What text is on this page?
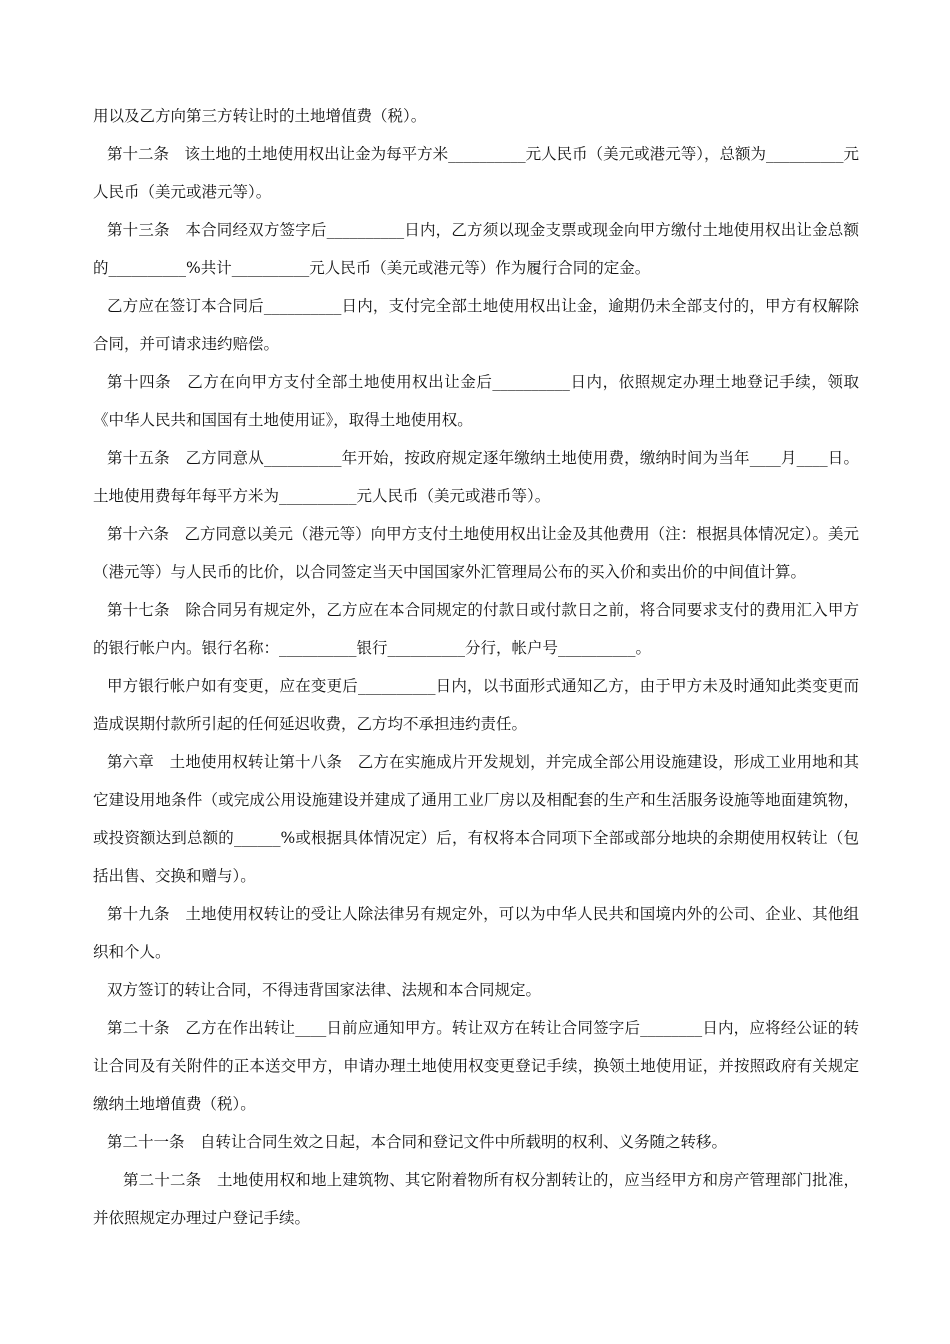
用以及乙方向第三方转让时的土地增值费（税）。

第十二条　该土地的土地使用权出让金为每平方米__________元人民币（美元或港元等），总额为__________元人民币（美元或港元等）。

第十三条　本合同经双方签字后__________日内，乙方须以现金支票或现金向甲方缴付土地使用权出让金总额的__________%共计__________元人民币（美元或港元等）作为履行合同的定金。

乙方应在签订本合同后__________日内，支付完全部土地使用权出让金，逾期仍未全部支付的，甲方有权解除合同，并可请求违约赔偿。

第十四条　乙方在向甲方支付全部土地使用权出让金后__________日内，依照规定办理土地登记手续，领取《中华人民共和国国有土地使用证》，取得土地使用权。

第十五条　乙方同意从__________年开始，按政府规定逐年缴纳土地使用费，缴纳时间为当年____月____日。土地使用费每年每平方米为__________元人民币（美元或港币等）。

第十六条　乙方同意以美元（港元等）向甲方支付土地使用权出让金及其他费用（注：根据具体情况定）。美元（港元等）与人民币的比价，以合同签定当天中国国家外汇管理局公布的买入价和卖出价的中间值计算。

第十七条　除合同另有规定外，乙方应在本合同规定的付款日或付款日之前，将合同要求支付的费用汇入甲方的银行帐户内。银行名称：__________银行__________分行，帐户号__________。

甲方银行帐户如有变更，应在变更后__________日内，以书面形式通知乙方，由于甲方未及时通知此类变更而造成误期付款所引起的任何延迟收费，乙方均不承担违约责任。

第六章　土地使用权转让第十八条　乙方在实施成片开发规划，并完成全部公用设施建设，形成工业用地和其它建设用地条件（或完成公用设施建设并建成了通用工业厂房以及相配套的生产和生活服务设施等地面建筑物，或投资额达到总额的______%或根据具体情况定）后，有权将本合同项下全部或部分地块的余期使用权转让（包括出售、交换和赠与）。

第十九条　土地使用权转让的受让人除法律另有规定外，可以为中华人民共和国境内外的公司、企业、其他组织和个人。

双方签订的转让合同，不得违背国家法律、法规和本合同规定。

第二十条　乙方在作出转让____日前应通知甲方。转让双方在转让合同签字后________日内，应将经公证的转让合同及有关附件的正本送交甲方，申请办理土地使用权变更登记手续，换领土地使用证，并按照政府有关规定缴纳土地增值费（税）。

第二十一条　自转让合同生效之日起，本合同和登记文件中所载明的权利、义务随之转移。

第二十二条　土地使用权和地上建筑物、其它附着物所有权分割转让的，应当经甲方和房产管理部门批准，并依照规定办理过户登记手续。
